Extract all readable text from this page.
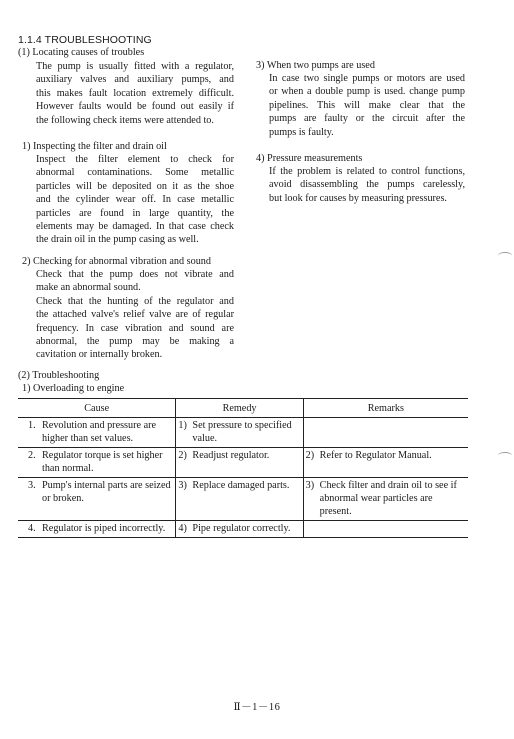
1.1.4 TROUBLESHOOTING
(1) Locating causes of troubles
The pump is usually fitted with a regulator,
auxiliary valves and auxiliary pumps, and
this makes fault location extremely difficult.
However faults would be found out easily if
the following check items were attended to.
1) Inspecting the filter and drain oil
Inspect the filter element to check for
abnormal contaminations. Some metallic
particles will be deposited on it as the shoe
and the cylinder wear off. In case metallic
particles are found in large quantity, the
elements may be damaged. In that case check
the drain oil in the pump casing as well.
2) Checking for abnormal vibration and sound
Check that the pump does not vibrate and
make an abnormal sound.
Check that the hunting of the regulator and
the attached valve's relief valve are of regular
frequency. In case vibration and sound are
abnormal, the pump may be making a
cavitation or internally broken.
3) When two pumps are used
In case two single pumps or motors are used
or when a double pump is used. change pump
pipelines. This will make clear that the
pumps are faulty or the circuit after the
pumps is faulty.
4) Pressure measurements
If the problem is related to control functions,
avoid disassembling the pumps carelessly,
but look for causes by measuring pressures.
(2) Troubleshooting
1) Overloading to engine
Cause	Remedy	Remarks

1. Revolution and pressure are higher than set values.	1) Set pressure to specified value.	

2. Regulator torque is set higher than normal.	2) Readjust regulator.	2) Refer to Regulator Manual.

3. Pump's internal parts are seized or broken.	3) Replace damaged parts.	3) Check filter and drain oil to see if abnormal wear particles are present.

4. Regulator is piped incorrectly.	4) Pipe regulator correctly.	

Ⅱ－1－16
